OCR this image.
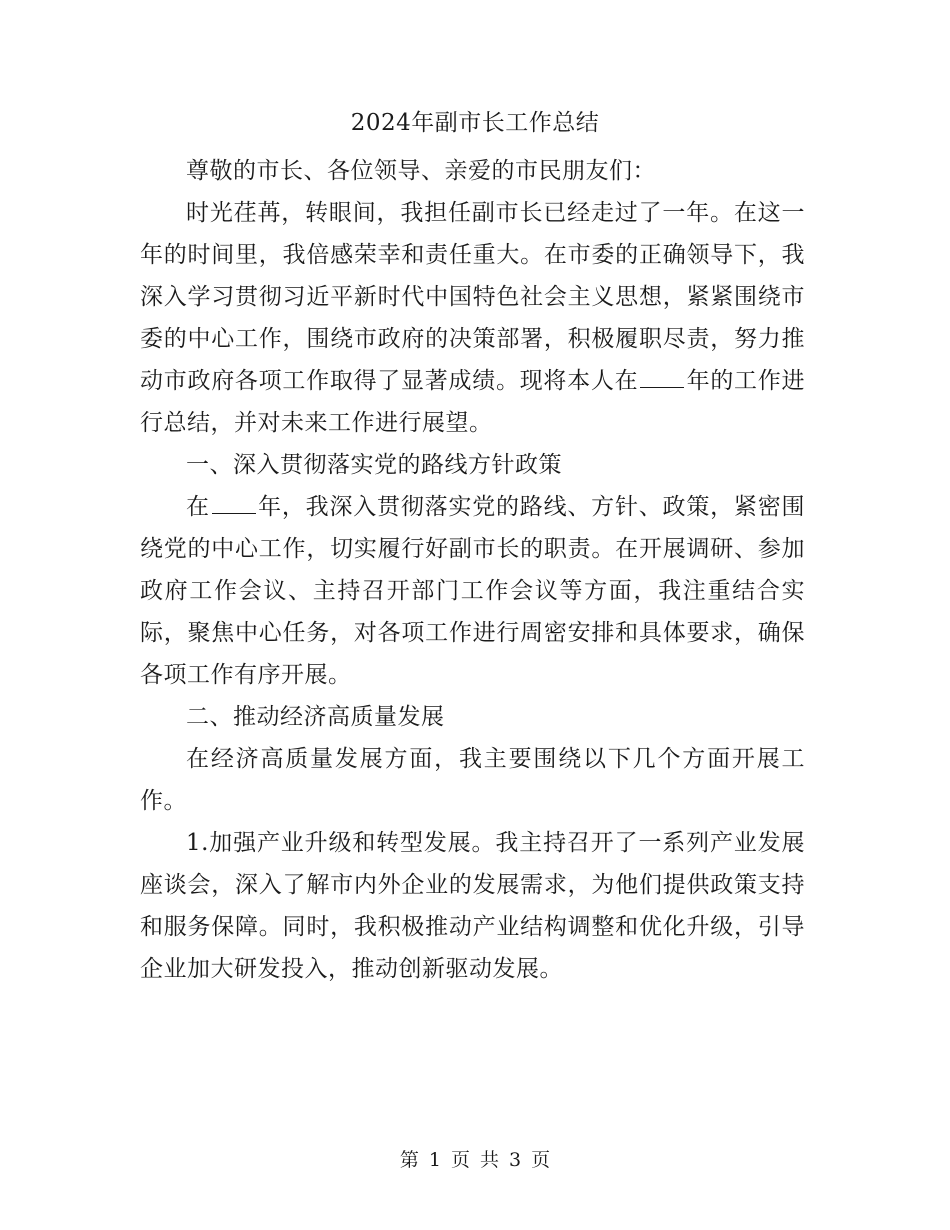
2024年副市长工作总结

尊敬的市长、各位领导、亲爱的市民朋友们：

时光荏苒，转眼间，我担任副市长已经走过了一年。在这一年的时间里，我倍感荣幸和责任重大。在市委的正确领导下，我深入学习贯彻习近平新时代中国特色社会主义思想，紧紧围绕市委的中心工作，围绕市政府的决策部署，积极履职尽责，努力推动市政府各项工作取得了显著成绩。现将本人在 年的工作进行总结，并对未来工作进行展望。

一、深入贯彻落实党的路线方针政策

在 年，我深入贯彻落实党的路线、方针、政策，紧密围绕党的中心工作，切实履行好副市长的职责。在开展调研、参加政府工作会议、主持召开部门工作会议等方面，我注重结合实际，聚焦中心任务，对各项工作进行周密安排和具体要求，确保各项工作有序开展。

二、推动经济高质量发展

在经济高质量发展方面，我主要围绕以下几个方面开展工作。

1.加强产业升级和转型发展。我主持召开了一系列产业发展座谈会，深入了解市内外企业的发展需求，为他们提供政策支持和服务保障。同时，我积极推动产业结构调整和优化升级，引导企业加大研发投入，推动创新驱动发展。

第 1 页 共 3 页
